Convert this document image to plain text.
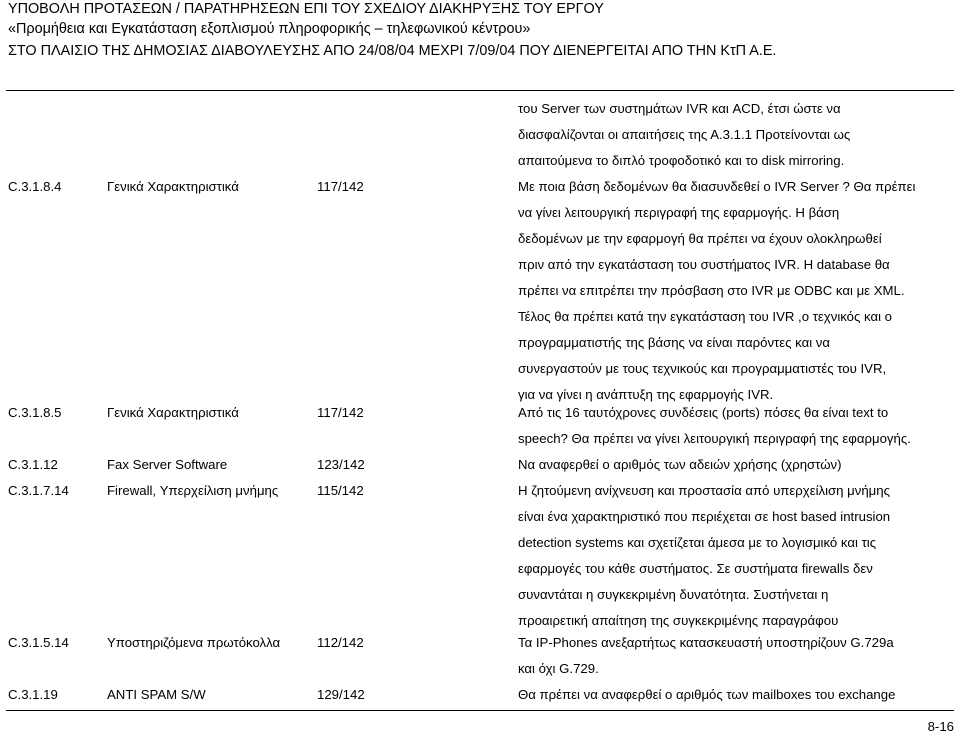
ΥΠΟΒΟΛΗ ΠΡΟΤΑΣΕΩΝ / ΠΑΡΑΤΗΡΗΣΕΩΝ ΕΠΙ ΤΟΥ ΣΧΕΔΙΟΥ ΔΙΑΚΗΡΥΞΗΣ ΤΟΥ ΕΡΓΟΥ
«Προμήθεια και Εγκατάσταση εξοπλισμού πληροφορικής – τηλεφωνικού κέντρου»
ΣΤΟ ΠΛΑΙΣΙΟ ΤΗΣ ΔΗΜΟΣΙΑΣ ΔΙΑΒΟΥΛΕΥΣΗΣ ΑΠΟ 24/08/04 ΜΕΧΡΙ 7/09/04 ΠΟΥ ΔΙΕΝΕΡΓΕΙΤΑΙ ΑΠΟ ΤΗΝ ΚτΠ Α.Ε.

του Server των συστημάτων IVR και ACD, έτσι ώστε να

διασφαλίζονται οι απαιτήσεις της Α.3.1.1 Προτείνονται ως

απαιτούμενα το διπλό τροφοδοτικό και το disk mirroring.

C.3.1.8.4	Γενικά Χαρακτηριστικά	117/142	Με ποια βάση δεδομένων θα διασυνδεθεί ο IVR Server ? Θα πρέπει

να γίνει λειτουργική περιγραφή της εφαρμογής. Η βάση

δεδομένων με την εφαρμογή θα πρέπει να έχουν ολοκληρωθεί

πριν από την εγκατάσταση του συστήματος IVR. Η database θα

πρέπει να επιτρέπει την πρόσβαση στο IVR με ODBC και με XML.

Τέλος θα πρέπει κατά την εγκατάσταση του IVR ,ο τεχνικός και ο

προγραμματιστής της βάσης να είναι παρόντες και να

συνεργαστούν με τους τεχνικούς και προγραμματιστές του IVR,

για να γίνει η ανάπτυξη της εφαρμογής IVR.

C.3.1.8.5	Γενικά Χαρακτηριστικά	117/142	Από τις 16 ταυτόχρονες συνδέσεις (ports) πόσες θα είναι text to

speech? Θα πρέπει να γίνει λειτουργική περιγραφή της εφαρμογής.

C.3.1.12	Fax Server Software	123/142	Να αναφερθεί ο αριθμός των αδειών χρήσης (χρηστών)

C.3.1.7.14	Firewall, Υπερχείλιση μνήμης	115/142	Η ζητούμενη ανίχνευση και προστασία από υπερχείλιση μνήμης

είναι ένα χαρακτηριστικό που περιέχεται σε host based intrusion

detection systems και σχετίζεται άμεσα με το λογισμικό και τις

εφαρμογές του κάθε συστήματος. Σε συστήματα firewalls δεν

συναντάται η συγκεκριμένη δυνατότητα. Συστήνεται η

προαιρετική απαίτηση της συγκεκριμένης παραγράφου

C.3.1.5.14	Υποστηριζόμενα πρωτόκολλα	112/142	Τα IP-Phones ανεξαρτήτως κατασκευαστή υποστηρίζουν G.729a

και όχι G.729.

C.3.1.19	ANTI SPAM S/W	129/142	Θα πρέπει να αναφερθεί ο αριθμός των mailboxes του exchange

8-16
